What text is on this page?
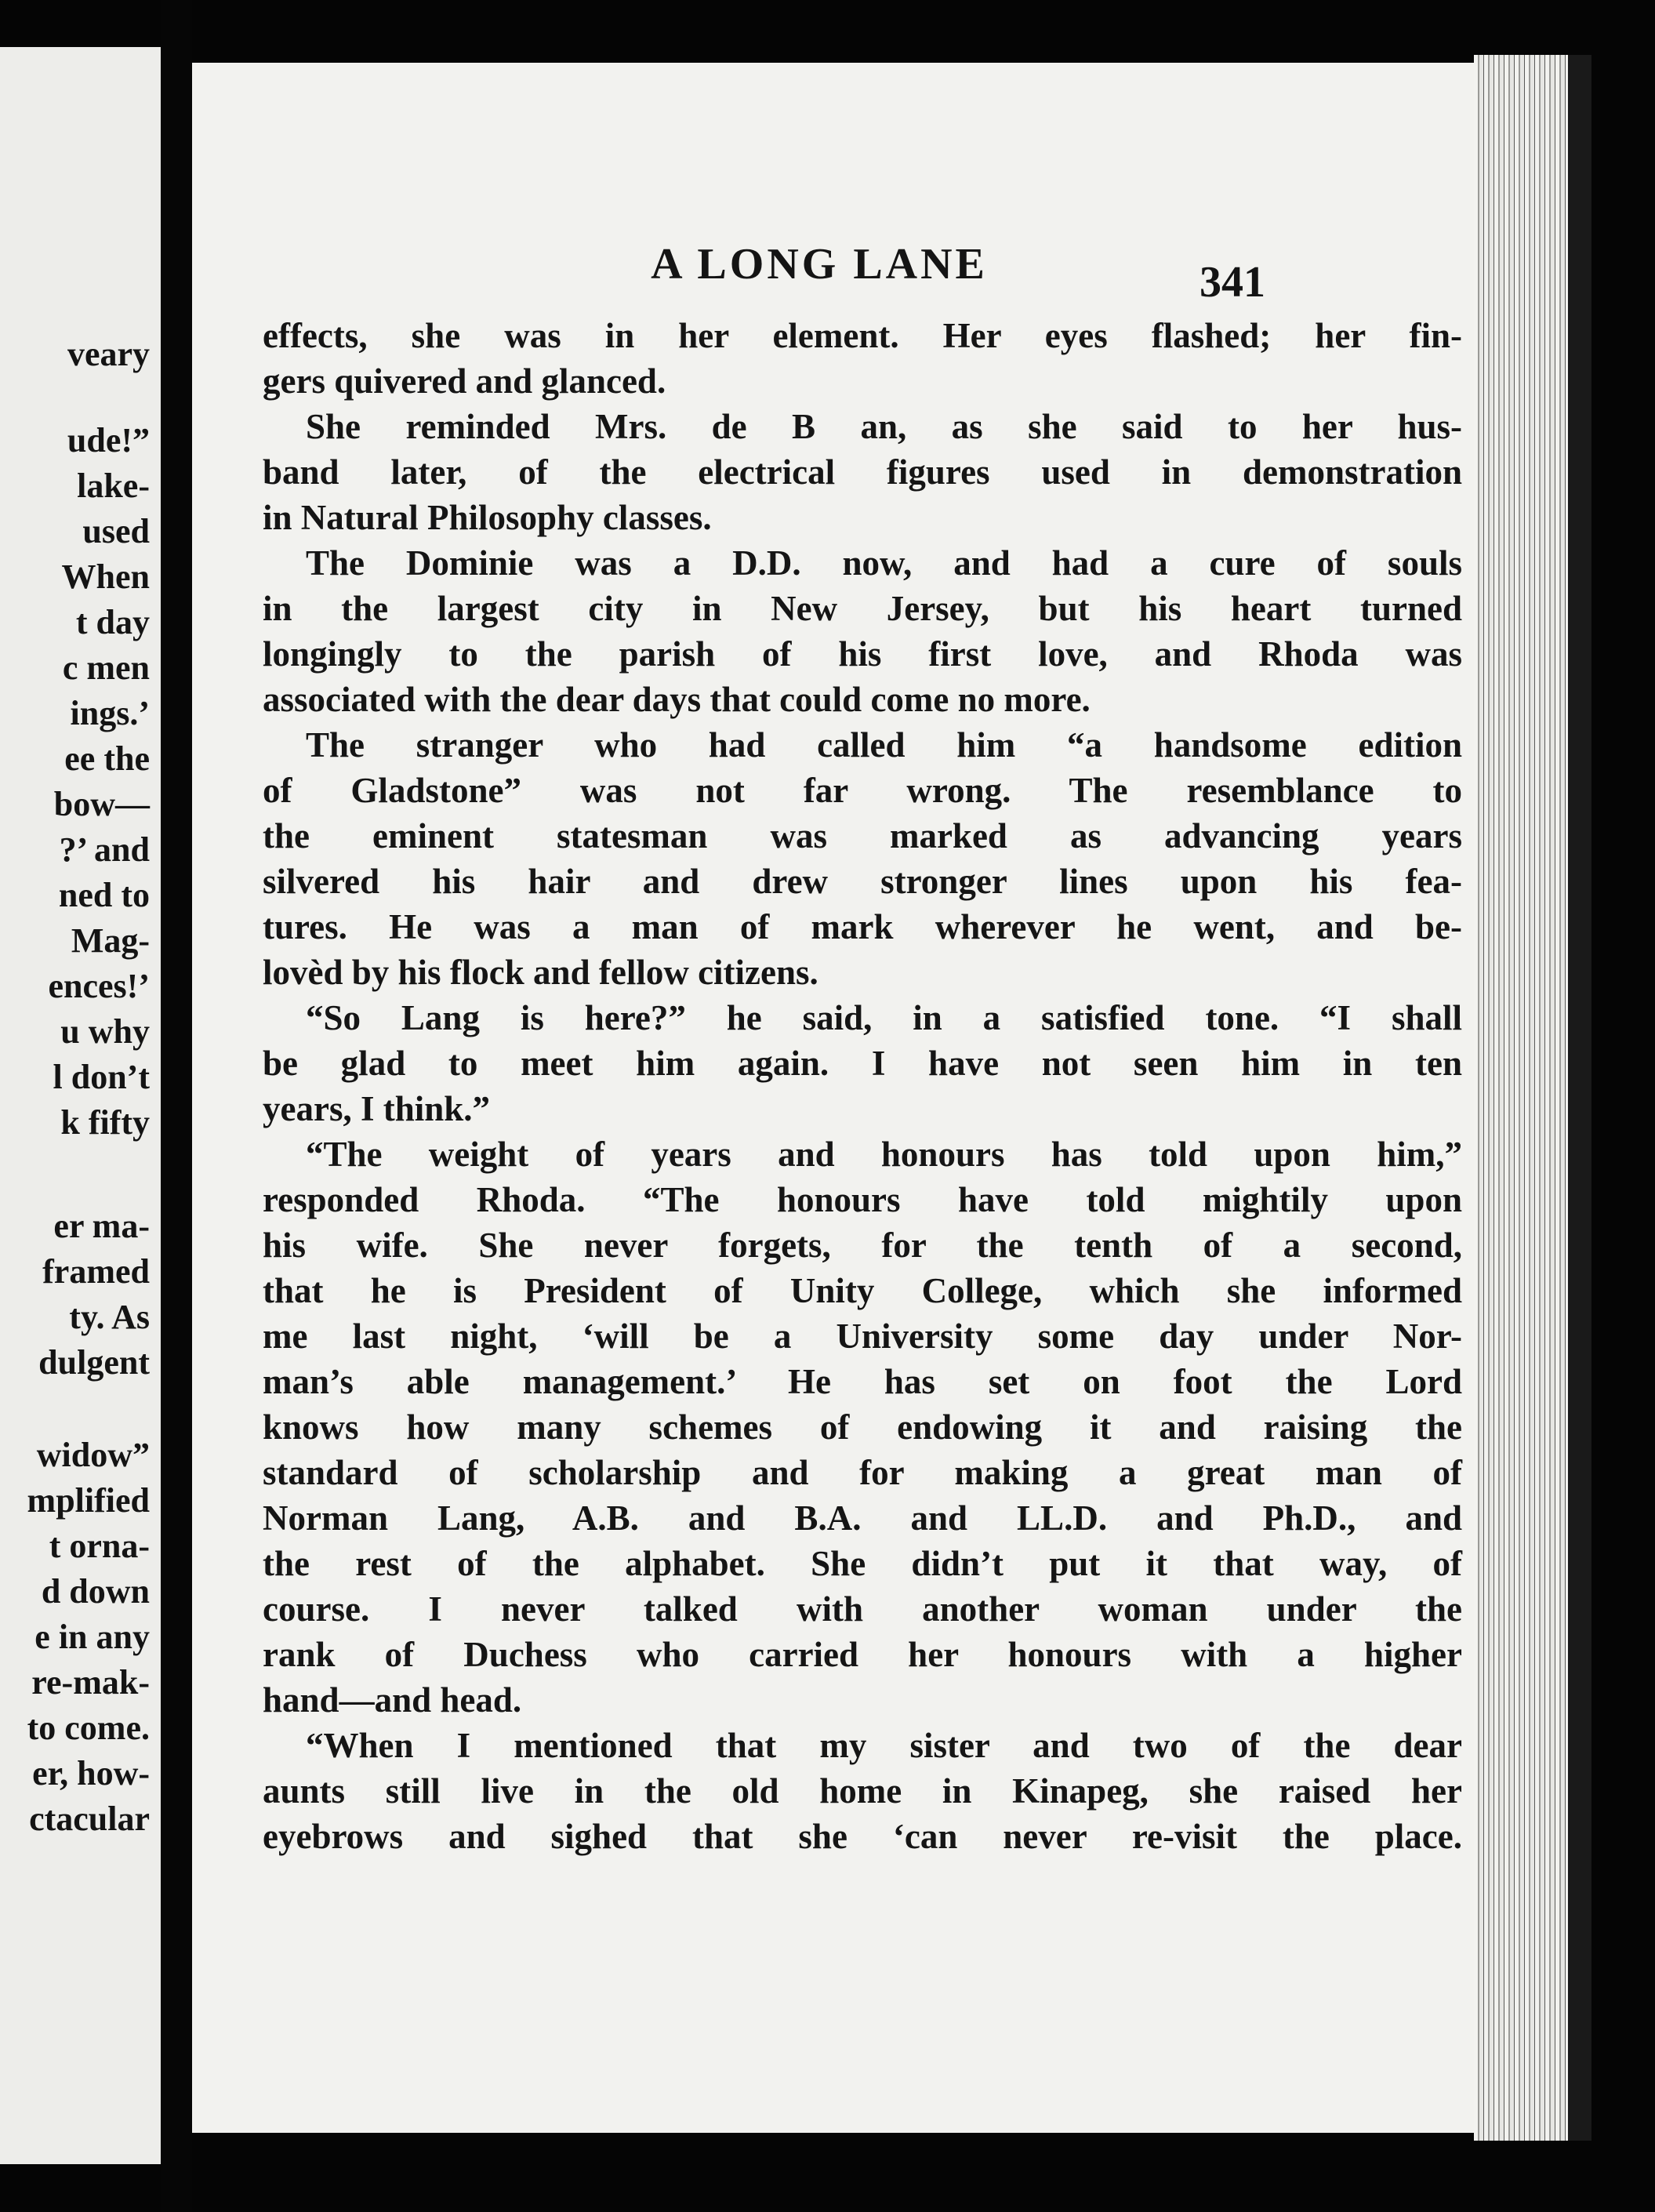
veary
ude!”
lake-
used
When
t day
c men
ings.’
ee the
bow—
?’ and
ned to
Mag-
ences!’
u why
l don’t
k fifty
er ma-
framed
ty. As
dulgent
widow”
mplified
t orna-
d down
e in any
re-mak-
to come.
er, how-
ctacular
A LONG LANE	341
effects, she was in her element. Her eyes flashed; her fin-
gers quivered and glanced.
She reminded Mrs. de B an, as she said to her hus-
band later, of the electrical figures used in demonstration
in Natural Philosophy classes.
The Dominie was a D.D. now, and had a cure of souls
in the largest city in New Jersey, but his heart turned
longingly to the parish of his first love, and Rhoda was
associated with the dear days that could come no more.
The stranger who had called him “a handsome edition
of Gladstone” was not far wrong. The resemblance to
the eminent statesman was marked as advancing years
silvered his hair and drew stronger lines upon his fea-
tures. He was a man of mark wherever he went, and be-
lovèd by his flock and fellow citizens.
“So Lang is here?” he said, in a satisfied tone. “I shall
be glad to meet him again. I have not seen him in ten
years, I think.”
“The weight of years and honours has told upon him,”
responded Rhoda. “The honours have told mightily upon
his wife. She never forgets, for the tenth of a second,
that he is President of Unity College, which she informed
me last night, ‘will be a University some day under Nor-
man’s able management.’ He has set on foot the Lord
knows how many schemes of endowing it and raising the
standard of scholarship and for making a great man of
Norman Lang, A.B. and B.A. and LL.D. and Ph.D., and
the rest of the alphabet. She didn’t put it that way, of
course. I never talked with another woman under the
rank of Duchess who carried her honours with a higher
hand—and head.
“When I mentioned that my sister and two of the dear
aunts still live in the old home in Kinapeg, she raised her
eyebrows and sighed that she ‘can never re-visit the place.
